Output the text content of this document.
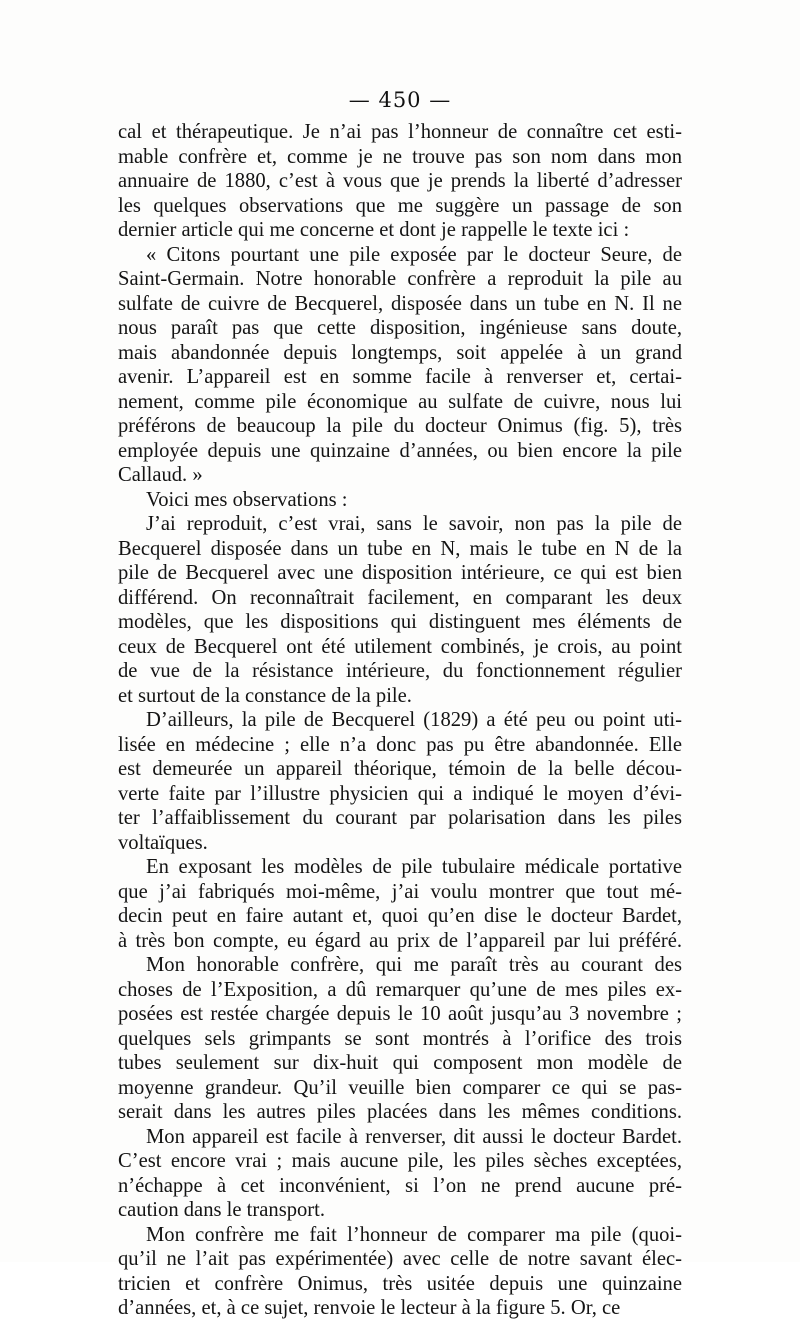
— 450 —
cal et thérapeutique. Je n’ai pas l’honneur de connaître cet esti-
mable confrère et, comme je ne trouve pas son nom dans mon
annuaire de 1880, c’est à vous que je prends la liberté d’adresser
les quelques observations que me suggère un passage de son
dernier article qui me concerne et dont je rappelle le texte ici :
« Citons pourtant une pile exposée par le docteur Seure, de
Saint-Germain. Notre honorable confrère a reproduit la pile au
sulfate de cuivre de Becquerel, disposée dans un tube en N. Il ne
nous paraît pas que cette disposition, ingénieuse sans doute,
mais abandonnée depuis longtemps, soit appelée à un grand
avenir. L’appareil est en somme facile à renverser et, certai-
nement, comme pile économique au sulfate de cuivre, nous lui
préférons de beaucoup la pile du docteur Onimus (fig. 5), très
employée depuis une quinzaine d’années, ou bien encore la pile
Callaud. »
Voici mes observations :
J’ai reproduit, c’est vrai, sans le savoir, non pas la pile de
Becquerel disposée dans un tube en N, mais le tube en N de la
pile de Becquerel avec une disposition intérieure, ce qui est bien
différend. On reconnaîtrait facilement, en comparant les deux
modèles, que les dispositions qui distinguent mes éléments de
ceux de Becquerel ont été utilement combinés, je crois, au point
de vue de la résistance intérieure, du fonctionnement régulier
et surtout de la constance de la pile.
D’ailleurs, la pile de Becquerel (1829) a été peu ou point uti-
lisée en médecine ; elle n’a donc pas pu être abandonnée. Elle
est demeurée un appareil théorique, témoin de la belle décou-
verte faite par l’illustre physicien qui a indiqué le moyen d’évi-
ter l’affaiblissement du courant par polarisation dans les piles
voltaïques.
En exposant les modèles de pile tubulaire médicale portative
que j’ai fabriqués moi-même, j’ai voulu montrer que tout mé-
decin peut en faire autant et, quoi qu’en dise le docteur Bardet,
à très bon compte, eu égard au prix de l’appareil par lui préféré.
Mon honorable confrère, qui me paraît très au courant des
choses de l’Exposition, a dû remarquer qu’une de mes piles ex-
posées est restée chargée depuis le 10 août jusqu’au 3 novembre ;
quelques sels grimpants se sont montrés à l’orifice des trois
tubes seulement sur dix-huit qui composent mon modèle de
moyenne grandeur. Qu’il veuille bien comparer ce qui se pas-
serait dans les autres piles placées dans les mêmes conditions.
Mon appareil est facile à renverser, dit aussi le docteur Bardet.
C’est encore vrai ; mais aucune pile, les piles sèches exceptées,
n’échappe à cet inconvénient, si l’on ne prend aucune pré-
caution dans le transport.
Mon confrère me fait l’honneur de comparer ma pile (quoi-
qu’il ne l’ait pas expérimentée) avec celle de notre savant élec-
tricien et confrère Onimus, très usitée depuis une quinzaine
d’années, et, à ce sujet, renvoie le lecteur à la figure 5. Or, ce
